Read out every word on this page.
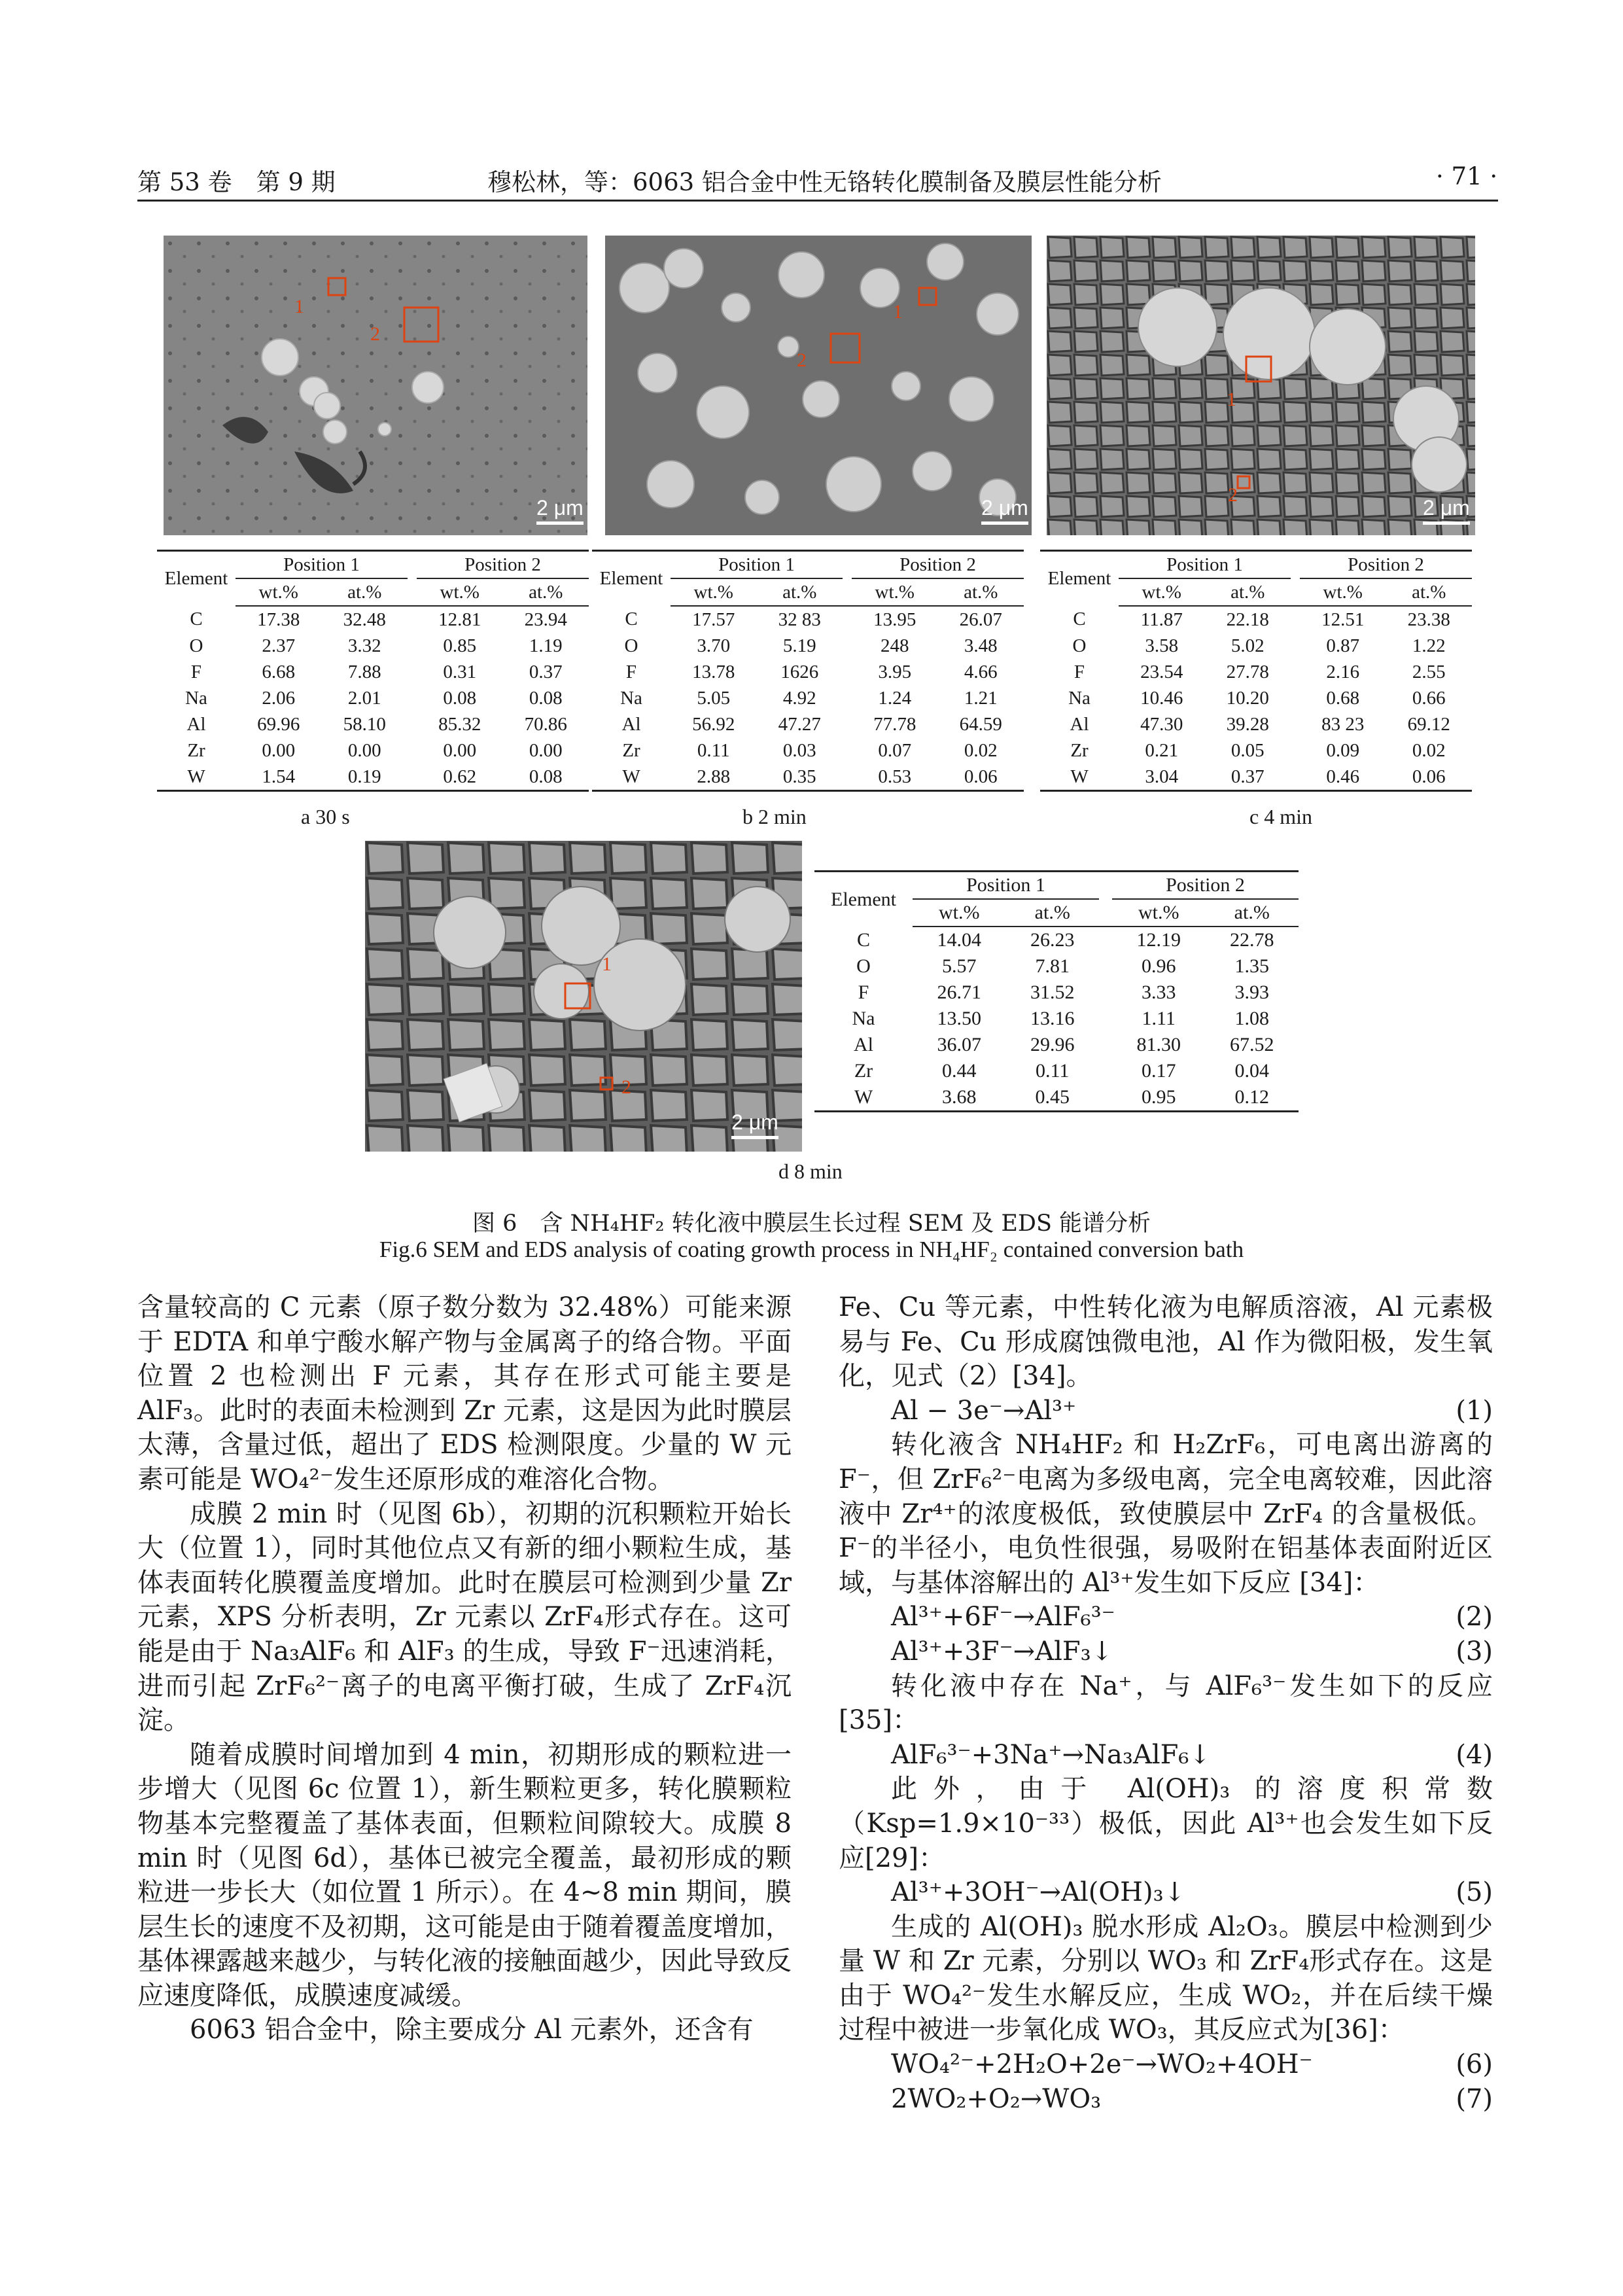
第 53 卷　第 9 期	穆松林，等：6063 铝合金中性无铬转化膜制备及膜层性能分析	· 71 ·
1
2
2 μm
1
2
2 μm
1
2
2 μm
Element	Position 1			Position 2	
	wt.%	at.%		wt.%	at.%
C	17.38	32.48		12.81	23.94
O	2.37	3.32		0.85	1.19
F	6.68	7.88		0.31	0.37
Na	2.06	2.01		0.08	0.08
Al	69.96	58.10		85.32	70.86
Zr	0.00	0.00		0.00	0.00
W	1.54	0.19		0.62	0.08
a 30 s
Element	Position 1			Position 2	
	wt.%	at.%		wt.%	at.%
C	17.57	32 83		13.95	26.07
O	3.70	5.19		248	3.48
F	13.78	1626		3.95	4.66
Na	5.05	4.92		1.24	1.21
Al	56.92	47.27		77.78	64.59
Zr	0.11	0.03		0.07	0.02
W	2.88	0.35		0.53	0.06
b 2 min
Element	Position 1			Position 2	
	wt.%	at.%		wt.%	at.%
C	11.87	22.18		12.51	23.38
O	3.58	5.02		0.87	1.22
F	23.54	27.78		2.16	2.55
Na	10.46	10.20		0.68	0.66
Al	47.30	39.28		83 23	69.12
Zr	0.21	0.05		0.09	0.02
W	3.04	0.37		0.46	0.06
c 4 min
1
2
2 μm
Element	Position 1			Position 2	
	wt.%	at.%		wt.%	at.%
C	14.04	26.23		12.19	22.78
O	5.57	7.81		0.96	1.35
F	26.71	31.52		3.33	3.93
Na	13.50	13.16		1.11	1.08
Al	36.07	29.96		81.30	67.52
Zr	0.44	0.11		0.17	0.04
W	3.68	0.45		0.95	0.12
d 8 min
图 6　含 NH₄HF₂ 转化液中膜层生长过程 SEM 及 EDS 能谱分析
Fig.6 SEM and EDS analysis of coating growth process in NH₄HF₂ contained conversion bath

含量较高的 C 元素（原子数分数为 32.48%）可能来源于 EDTA 和单宁酸水解产物与金属离子的络合物。平面位置 2 也检测出 F 元素，其存在形式可能主要是 AlF₃。此时的表面未检测到 Zr 元素，这是因为此时膜层太薄，含量过低，超出了 EDS 检测限度。少量的 W 元素可能是 WO₄²⁻发生还原形成的难溶化合物。

成膜 2 min 时（见图 6b），初期的沉积颗粒开始长大（位置 1），同时其他位点又有新的细小颗粒生成，基体表面转化膜覆盖度增加。此时在膜层可检测到少量 Zr 元素，XPS 分析表明，Zr 元素以 ZrF₄形式存在。这可能是由于 Na₃AlF₆ 和 AlF₃ 的生成，导致 F⁻迅速消耗，进而引起 ZrF₆²⁻离子的电离平衡打破，生成了 ZrF₄沉淀。

随着成膜时间增加到 4 min，初期形成的颗粒进一步增大（见图 6c 位置 1），新生颗粒更多，转化膜颗粒物基本完整覆盖了基体表面，但颗粒间隙较大。成膜 8 min 时（见图 6d），基体已被完全覆盖，最初形成的颗粒进一步长大（如位置 1 所示）。在 4~8 min 期间，膜层生长的速度不及初期，这可能是由于随着覆盖度增加，基体裸露越来越少，与转化液的接触面越少，因此导致反应速度降低，成膜速度减缓。

6063 铝合金中，除主要成分 Al 元素外，还含有

Fe、Cu 等元素，中性转化液为电解质溶液，Al 元素极易与 Fe、Cu 形成腐蚀微电池，Al 作为微阳极，发生氧化，见式（2）[34]。

Al − 3e⁻→Al³⁺	(1)

转化液含 NH₄HF₂ 和 H₂ZrF₆，可电离出游离的 F⁻，但 ZrF₆²⁻电离为多级电离，完全电离较难，因此溶液中 Zr⁴⁺的浓度极低，致使膜层中 ZrF₄ 的含量极低。F⁻的半径小，电负性很强，易吸附在铝基体表面附近区域，与基体溶解出的 Al³⁺发生如下反应 [34]：

Al³⁺+6F⁻→AlF₆³⁻	(2)
Al³⁺+3F⁻→AlF₃↓	(3)

转化液中存在 Na⁺，与 AlF₆³⁻发生如下的反应[35]：

AlF₆³⁻+3Na⁺→Na₃AlF₆↓	(4)

此外，由于 Al(OH)₃ 的溶度积常数（Ksp=1.9×10⁻³³）极低，因此 Al³⁺也会发生如下反应[29]：

Al³⁺+3OH⁻→Al(OH)₃↓	(5)

生成的 Al(OH)₃ 脱水形成 Al₂O₃。膜层中检测到少量 W 和 Zr 元素，分别以 WO₃ 和 ZrF₄形式存在。这是由于 WO₄²⁻发生水解反应，生成 WO₂，并在后续干燥过程中被进一步氧化成 WO₃，其反应式为[36]：

WO₄²⁻+2H₂O+2e⁻→WO₂+4OH⁻	(6)
2WO₂+O₂→WO₃	(7)
